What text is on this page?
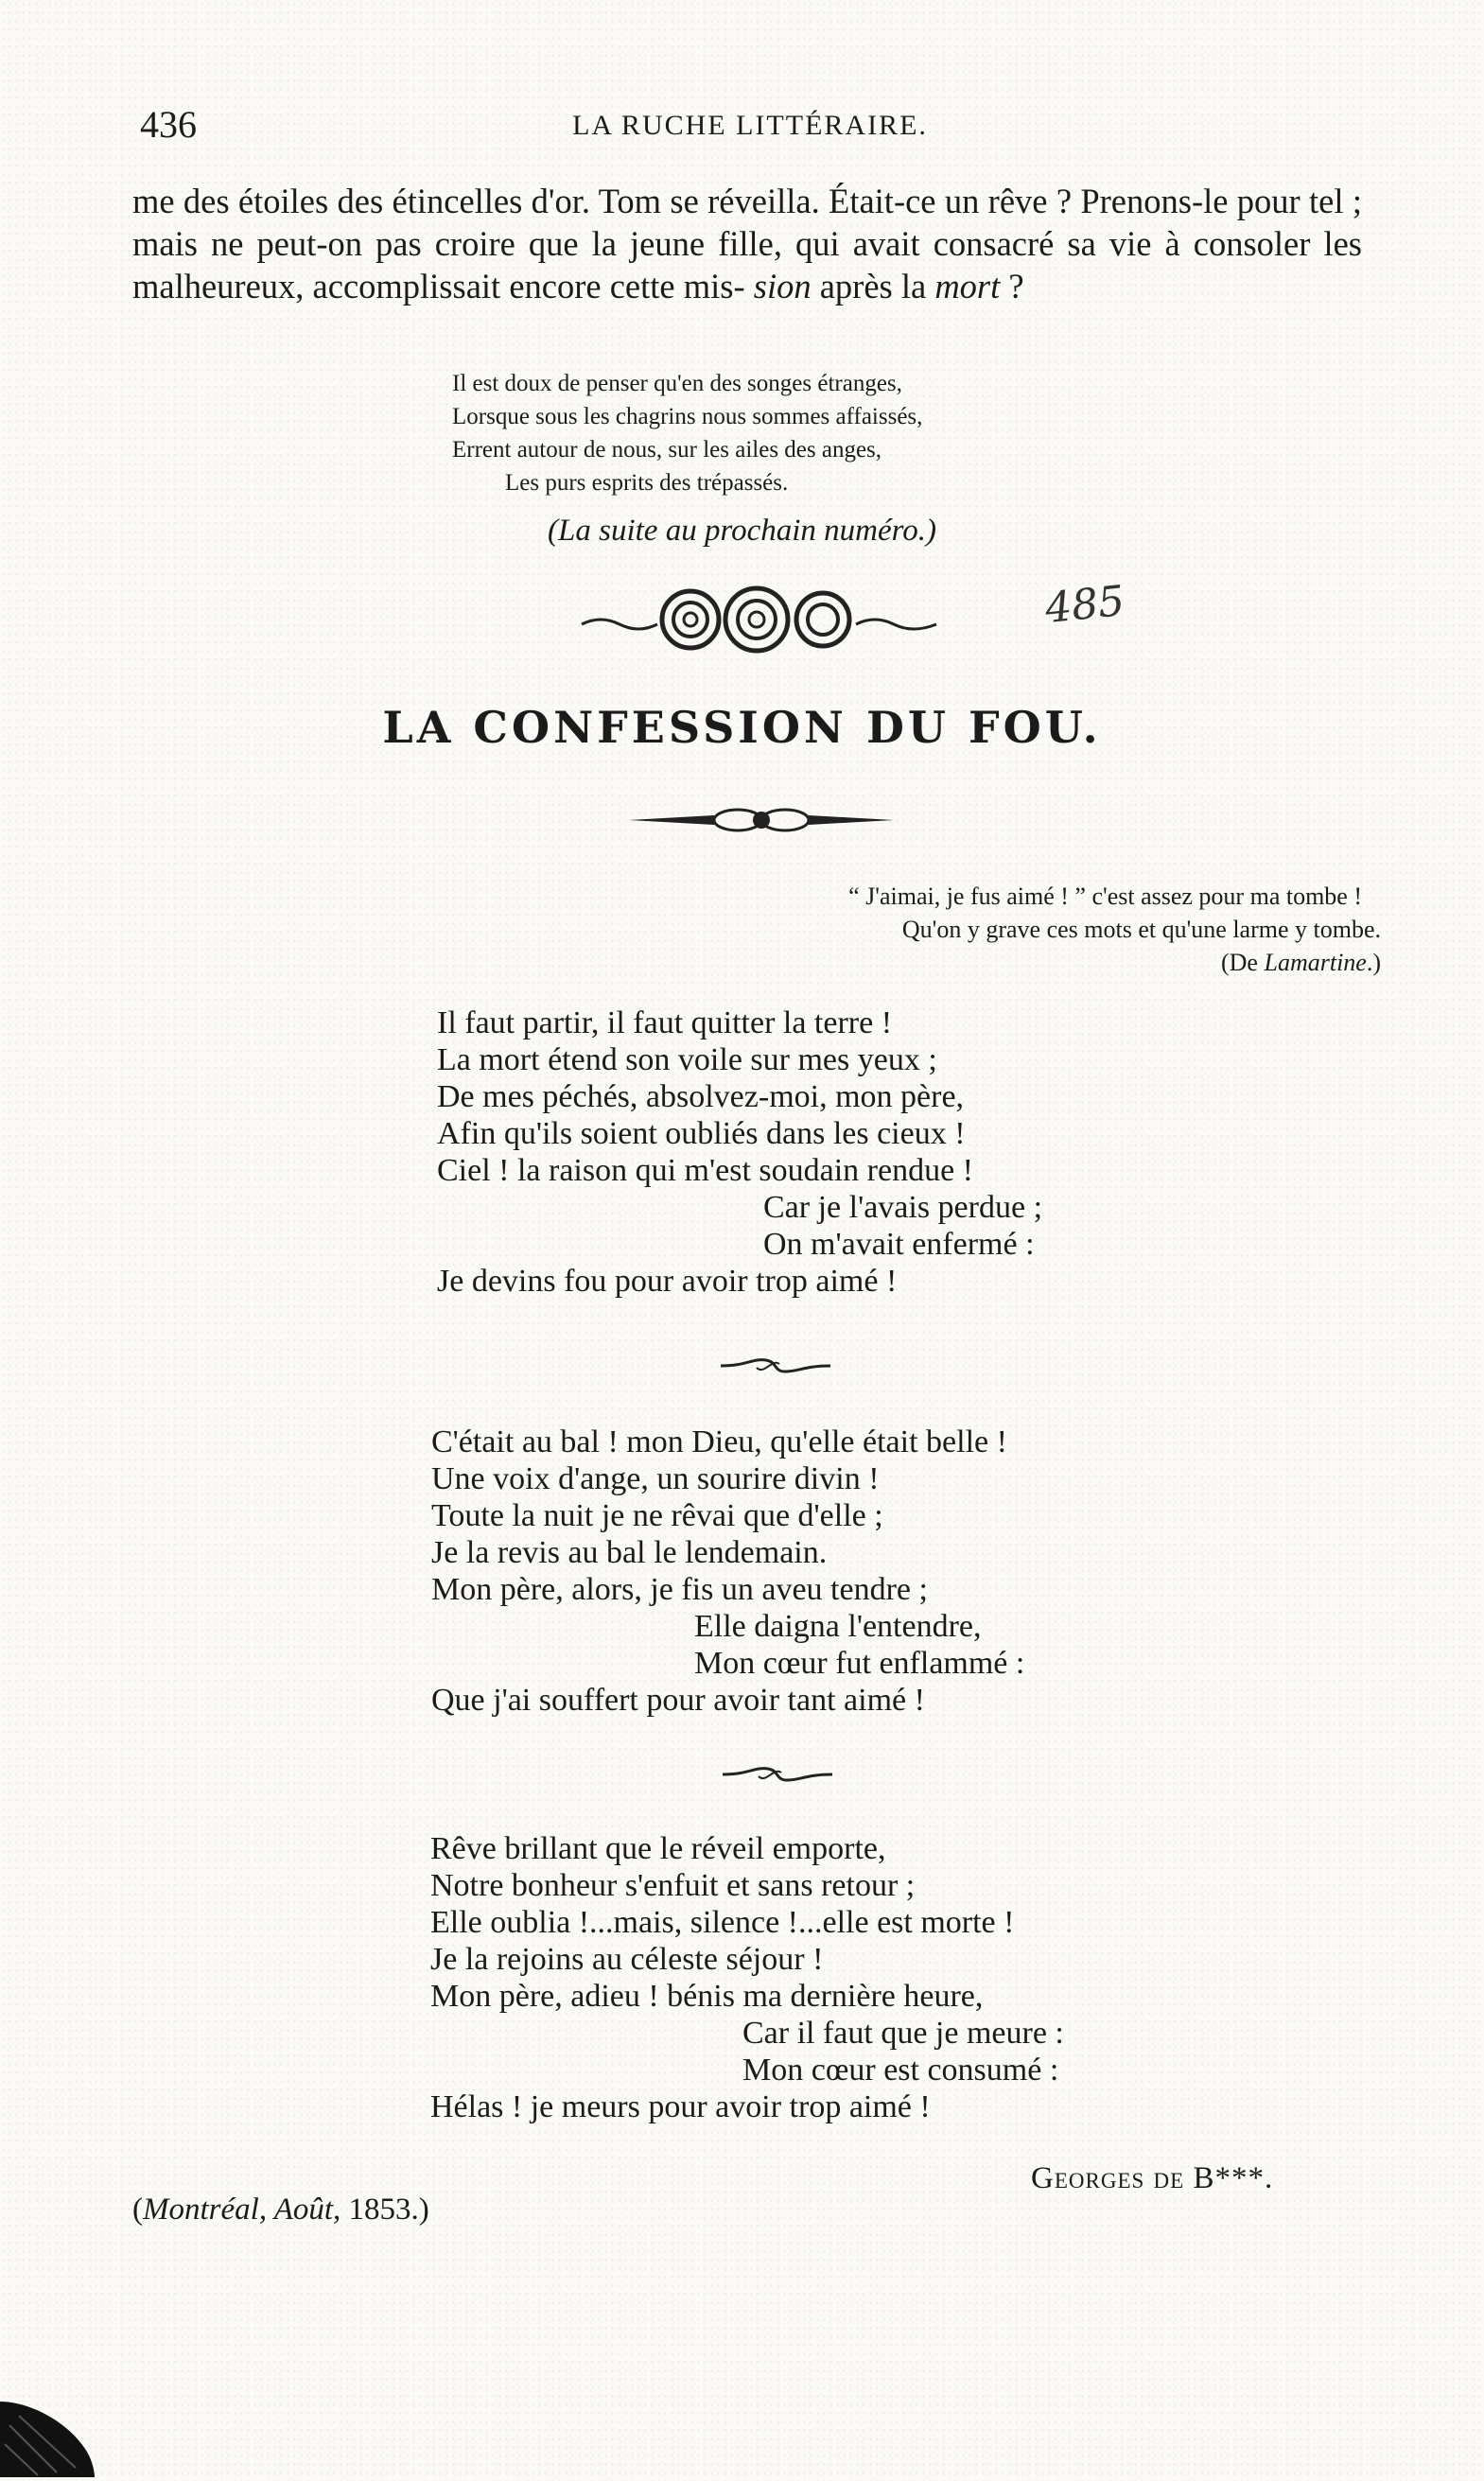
436	LA RUCHE LITTÉRAIRE.

me des étoiles des étincelles d'or. Tom se réveilla. Était-ce un rêve ? Prenons-le pour tel ; mais ne peut-on pas croire que la jeune fille, qui avait consacré sa vie à consoler les malheureux, accomplissait encore cette mis- sion après la mort ?

Il est doux de penser qu'en des songes étranges,
Lorsque sous les chagrins nous sommes affaissés,
Errent autour de nous, sur les ailes des anges,
Les purs esprits des trépassés.
(La suite au prochain numéro.)
485
LA CONFESSION DU FOU.
“ J'aimai, je fus aimé ! ” c'est assez pour ma tombe !
Qu'on y grave ces mots et qu'une larme y tombe.
(De Lamartine.)
Il faut partir, il faut quitter la terre !
La mort étend son voile sur mes yeux ;
De mes péchés, absolvez-moi, mon père,
Afin qu'ils soient oubliés dans les cieux !
Ciel ! la raison qui m'est soudain rendue !
Car je l'avais perdue ;
On m'avait enfermé :
Je devins fou pour avoir trop aimé !
C'était au bal ! mon Dieu, qu'elle était belle !
Une voix d'ange, un sourire divin !
Toute la nuit je ne rêvai que d'elle ;
Je la revis au bal le lendemain.
Mon père, alors, je fis un aveu tendre ;
Elle daigna l'entendre,
Mon cœur fut enflammé :
Que j'ai souffert pour avoir tant aimé !
Rêve brillant que le réveil emporte,
Notre bonheur s'enfuit et sans retour ;
Elle oublia !...mais, silence !...elle est morte !
Je la rejoins au céleste séjour !
Mon père, adieu ! bénis ma dernière heure,
Car il faut que je meure :
Mon cœur est consumé :
Hélas ! je meurs pour avoir trop aimé !
Georges de B***.
(Montréal, Août, 1853.)
